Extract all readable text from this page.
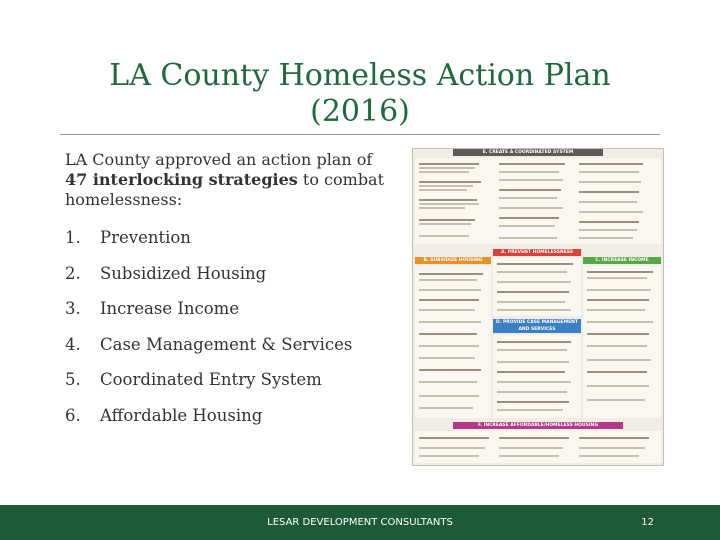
LA County Homeless Action Plan (2016)
LA County approved an action plan of 47 interlocking strategies to combat homelessness:
1. Prevention
2. Subsidized Housing
3. Increase Income
4. Case Management & Services
5. Coordinated Entry System
6. Affordable Housing
E. CREATE A COORDINATED SYSTEM
A. PREVENT HOMELESSNESS
B. SUBSIDIZE HOUSING	C. INCREASE INCOME
D. PROVIDE CASE MANAGEMENT AND SERVICES
F. INCREASE AFFORDABLE/HOMELESS HOUSING
LESAR DEVELOPMENT CONSULTANTS	12
